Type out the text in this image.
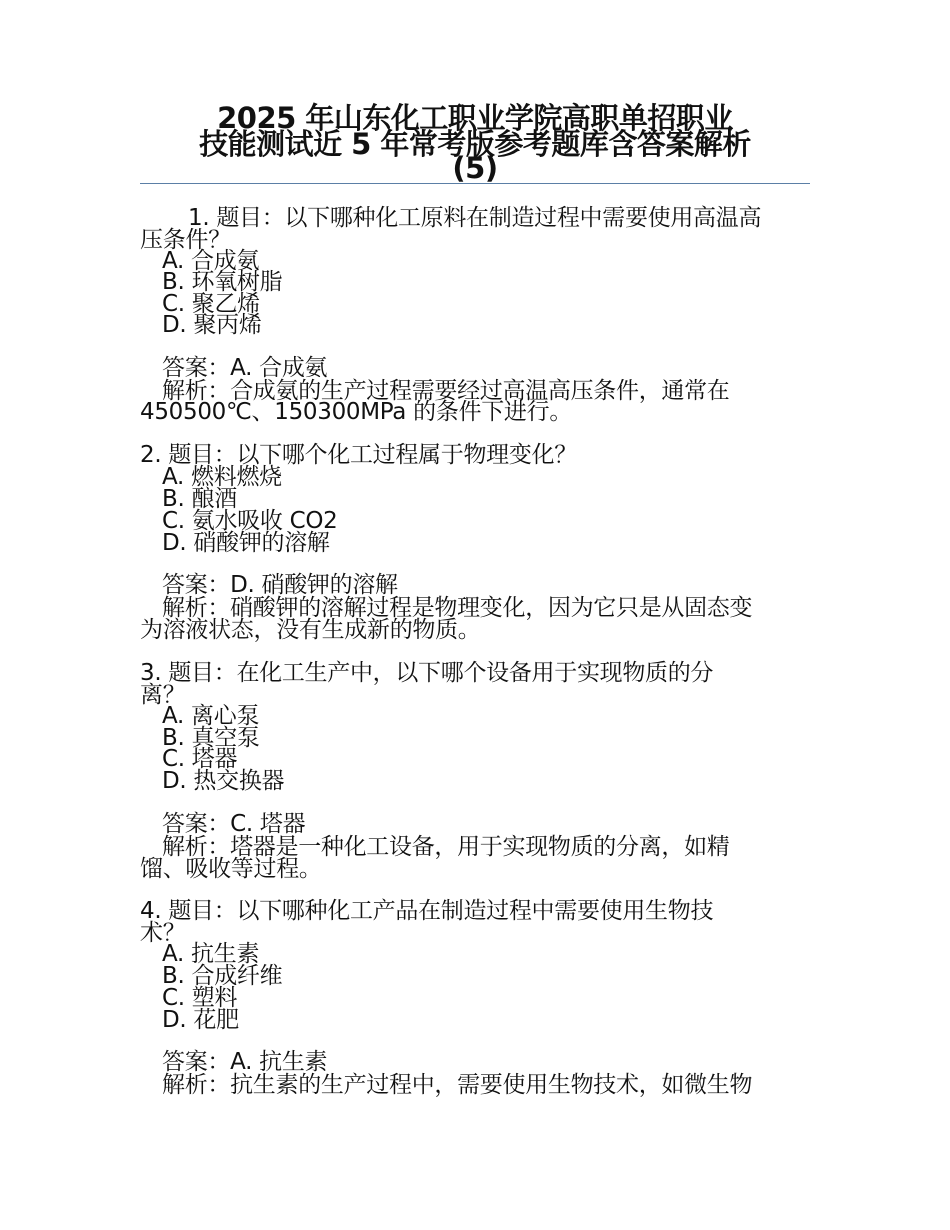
2025 年山东化工职业学院高职单招职业
技能测试近 5 年常考版参考题库含答案解析
(5)
1. 题目：以下哪种化工原料在制造过程中需要使用高温高
压条件？
A. 合成氨
B. 环氧树脂
C. 聚乙烯
D. 聚丙烯
答案：A. 合成氨
解析：合成氨的生产过程需要经过高温高压条件，通常在
450500℃、150300MPa 的条件下进行。
2. 题目：以下哪个化工过程属于物理变化？
A. 燃料燃烧
B. 酿酒
C. 氨水吸收 CO2
D. 硝酸钾的溶解
答案：D. 硝酸钾的溶解
解析：硝酸钾的溶解过程是物理变化，因为它只是从固态变
为溶液状态，没有生成新的物质。
3. 题目：在化工生产中，以下哪个设备用于实现物质的分
离？
A. 离心泵
B. 真空泵
C. 塔器
D. 热交换器
答案：C. 塔器
解析：塔器是一种化工设备，用于实现物质的分离，如精
馏、吸收等过程。
4. 题目：以下哪种化工产品在制造过程中需要使用生物技
术？
A. 抗生素
B. 合成纤维
C. 塑料
D. 花肥
答案：A. 抗生素
解析：抗生素的生产过程中，需要使用生物技术，如微生物
